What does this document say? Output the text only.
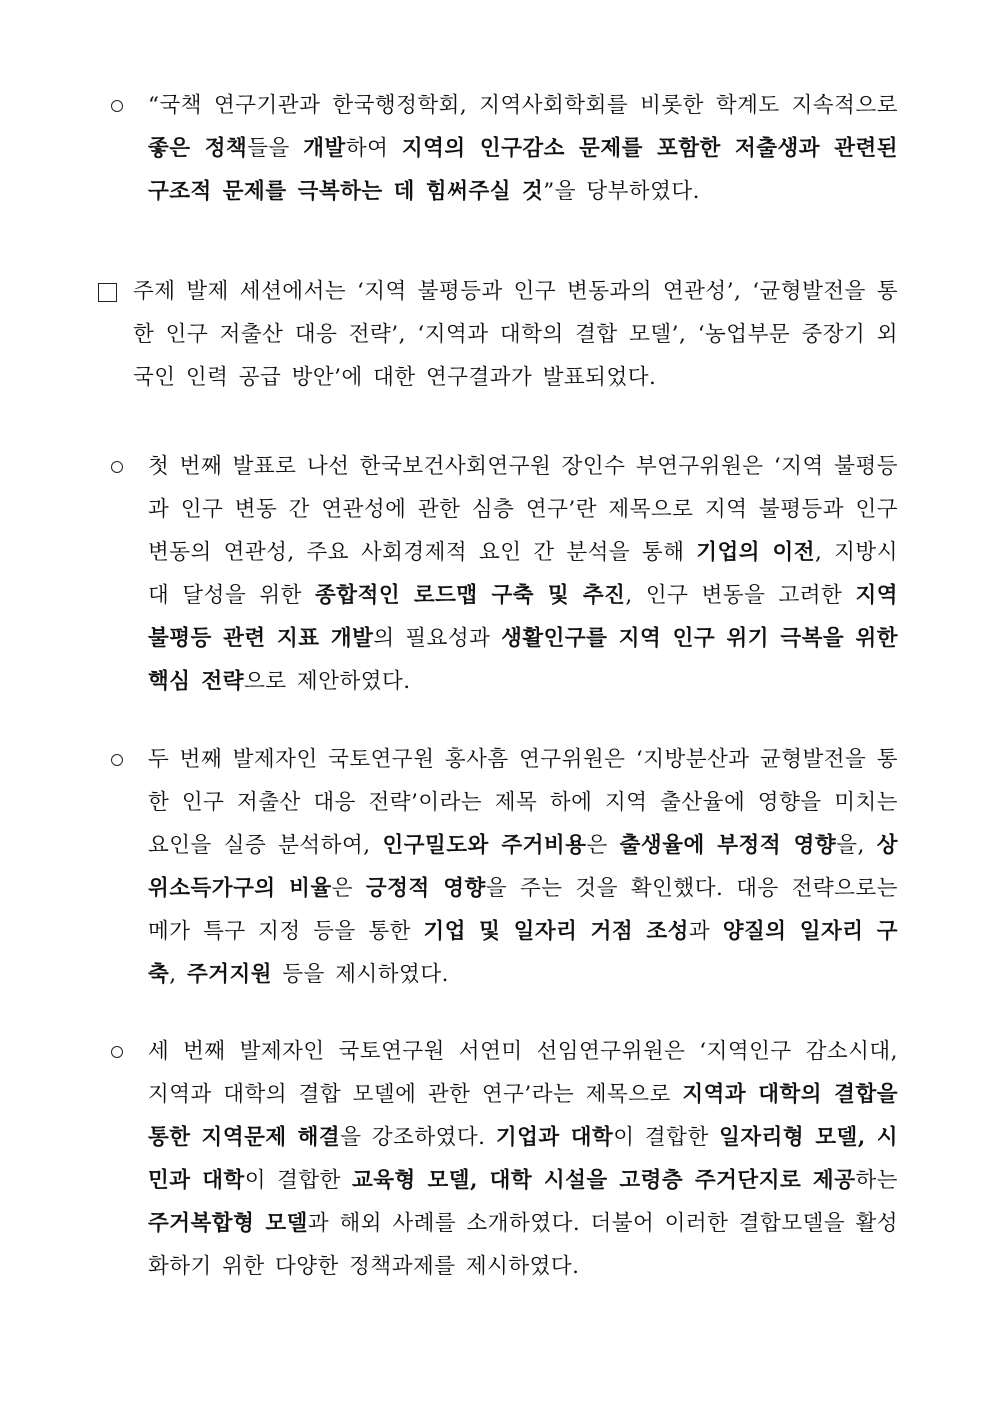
“국책 연구기관과 한국행정학회, 지역사회학회를 비롯한 학계도 지속적으로 좋은 정책들을 개발하여 지역의 인구감소 문제를 포함한 저출생과 관련된 구조적 문제를 극복하는 데 힘써주실 것”을 당부하였다.
주제 발제 세션에서는 ‘지역 불평등과 인구 변동과의 연관성’, ‘균형발전을 통한 인구 저출산 대응 전략’, ‘지역과 대학의 결합 모델’, ‘농업부문 중장기 외국인 인력 공급 방안’에 대한 연구결과가 발표되었다.
첫 번째 발표로 나선 한국보건사회연구원 장인수 부연구위원은 ‘지역 불평등과 인구 변동 간 연관성에 관한 심층 연구’란 제목으로 지역 불평등과 인구 변동의 연관성, 주요 사회경제적 요인 간 분석을 통해 기업의 이전, 지방시대 달성을 위한 종합적인 로드맵 구축 및 추진, 인구 변동을 고려한 지역 불평등 관련 지표 개발의 필요성과 생활인구를 지역 인구 위기 극복을 위한 핵심 전략으로 제안하였다.
두 번째 발제자인 국토연구원 홍사흠 연구위원은 ‘지방분산과 균형발전을 통한 인구 저출산 대응 전략’이라는 제목 하에 지역 출산율에 영향을 미치는 요인을 실증 분석하여, 인구밀도와 주거비용은 출생율에 부정적 영향을, 상위소득가구의 비율은 긍정적 영향을 주는 것을 확인했다. 대응 전략으로는 메가 특구 지정 등을 통한 기업 및 일자리 거점 조성과 양질의 일자리 구축, 주거지원 등을 제시하였다.
세 번째 발제자인 국토연구원 서연미 선임연구위원은 ‘지역인구 감소시대, 지역과 대학의 결합 모델에 관한 연구’라는 제목으로 지역과 대학의 결합을 통한 지역문제 해결을 강조하였다. 기업과 대학이 결합한 일자리형 모델, 시민과 대학이 결합한 교육형 모델, 대학 시설을 고령층 주거단지로 제공하는 주거복합형 모델과 해외 사례를 소개하였다. 더불어 이러한 결합모델을 활성화하기 위한 다양한 정책과제를 제시하였다.
